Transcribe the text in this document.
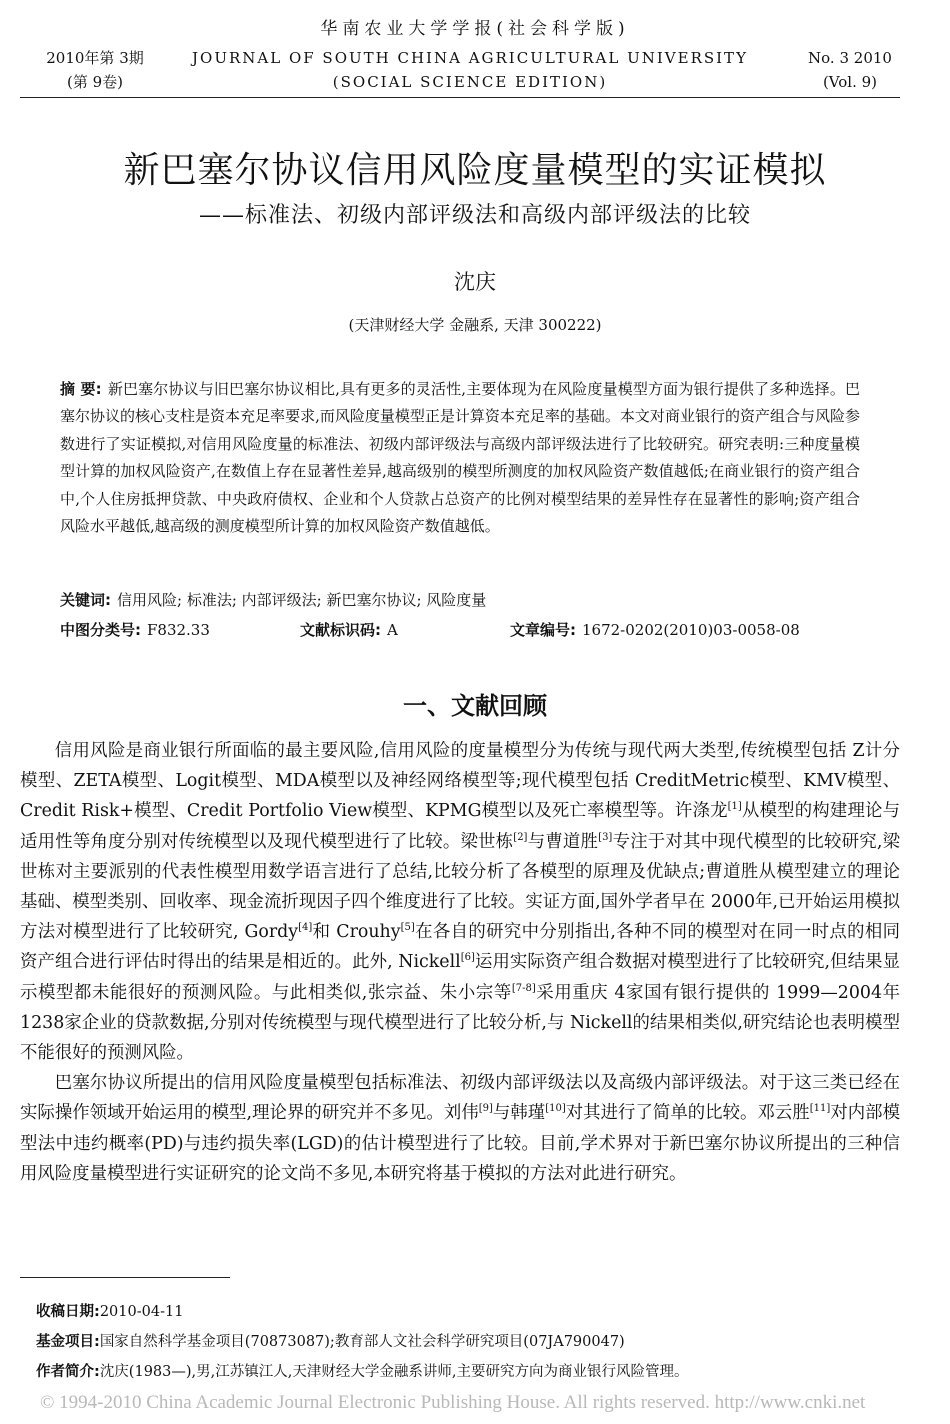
华南农业大学学报(社会科学版)
2010年第 3期
(第 9卷)
JOURNAL OF SOUTH CHINA AGRICULTURAL UNIVERSITY
(SOCIAL SCIENCE EDITION)
No. 3 2010
(Vol. 9)
新巴塞尔协议信用风险度量模型的实证模拟
——标准法、初级内部评级法和高级内部评级法的比较
沈庆
(天津财经大学 金融系, 天津 300222)
摘 要: 新巴塞尔协议与旧巴塞尔协议相比,具有更多的灵活性,主要体现为在风险度量模型方面为银行提供了多种选择。巴塞尔协议的核心支柱是资本充足率要求,而风险度量模型正是计算资本充足率的基础。本文对商业银行的资产组合与风险参数进行了实证模拟,对信用风险度量的标准法、初级内部评级法与高级内部评级法进行了比较研究。研究表明:三种度量模型计算的加权风险资产,在数值上存在显著性差异,越高级别的模型所测度的加权风险资产数值越低;在商业银行的资产组合中,个人住房抵押贷款、中央政府债权、企业和个人贷款占总资产的比例对模型结果的差异性存在显著性的影响;资产组合风险水平越低,越高级的测度模型所计算的加权风险资产数值越低。
关键词: 信用风险; 标准法; 内部评级法; 新巴塞尔协议; 风险度量
中图分类号: F832.33	文献标识码: A	文章编号: 1672-0202(2010)03-0058-08
一、文献回顾

信用风险是商业银行所面临的最主要风险,信用风险的度量模型分为传统与现代两大类型,传统模型包括 Z计分模型、ZETA模型、Logit模型、MDA模型以及神经网络模型等;现代模型包括 CreditMetric模型、KMV模型、Credit Risk+模型、Credit Portfolio View模型、KPMG模型以及死亡率模型等。许涤龙[1]从模型的构建理论与适用性等角度分别对传统模型以及现代模型进行了比较。梁世栋[2]与曹道胜[3]专注于对其中现代模型的比较研究,梁世栋对主要派别的代表性模型用数学语言进行了总结,比较分析了各模型的原理及优缺点;曹道胜从模型建立的理论基础、模型类别、回收率、现金流折现因子四个维度进行了比较。实证方面,国外学者早在 2000年,已开始运用模拟方法对模型进行了比较研究, Gordy[4]和 Crouhy[5]在各自的研究中分别指出,各种不同的模型对在同一时点的相同资产组合进行评估时得出的结果是相近的。此外, Nickell[6]运用实际资产组合数据对模型进行了比较研究,但结果显示模型都未能很好的预测风险。与此相类似,张宗益、朱小宗等[7-8]采用重庆 4家国有银行提供的 1999—2004年 1238家企业的贷款数据,分别对传统模型与现代模型进行了比较分析,与 Nickell的结果相类似,研究结论也表明模型不能很好的预测风险。

巴塞尔协议所提出的信用风险度量模型包括标准法、初级内部评级法以及高级内部评级法。对于这三类已经在实际操作领域开始运用的模型,理论界的研究并不多见。刘伟[9]与韩瑾[10]对其进行了简单的比较。邓云胜[11]对内部模型法中违约概率(PD)与违约损失率(LGD)的估计模型进行了比较。目前,学术界对于新巴塞尔协议所提出的三种信用风险度量模型进行实证研究的论文尚不多见,本研究将基于模拟的方法对此进行研究。

收稿日期:2010-04-11
基金项目:国家自然科学基金项目(70873087);教育部人文社会科学研究项目(07JA790047)
作者简介:沈庆(1983—),男,江苏镇江人,天津财经大学金融系讲师,主要研究方向为商业银行风险管理。
© 1994-2010 China Academic Journal Electronic Publishing House. All rights reserved. http://www.cnki.net
